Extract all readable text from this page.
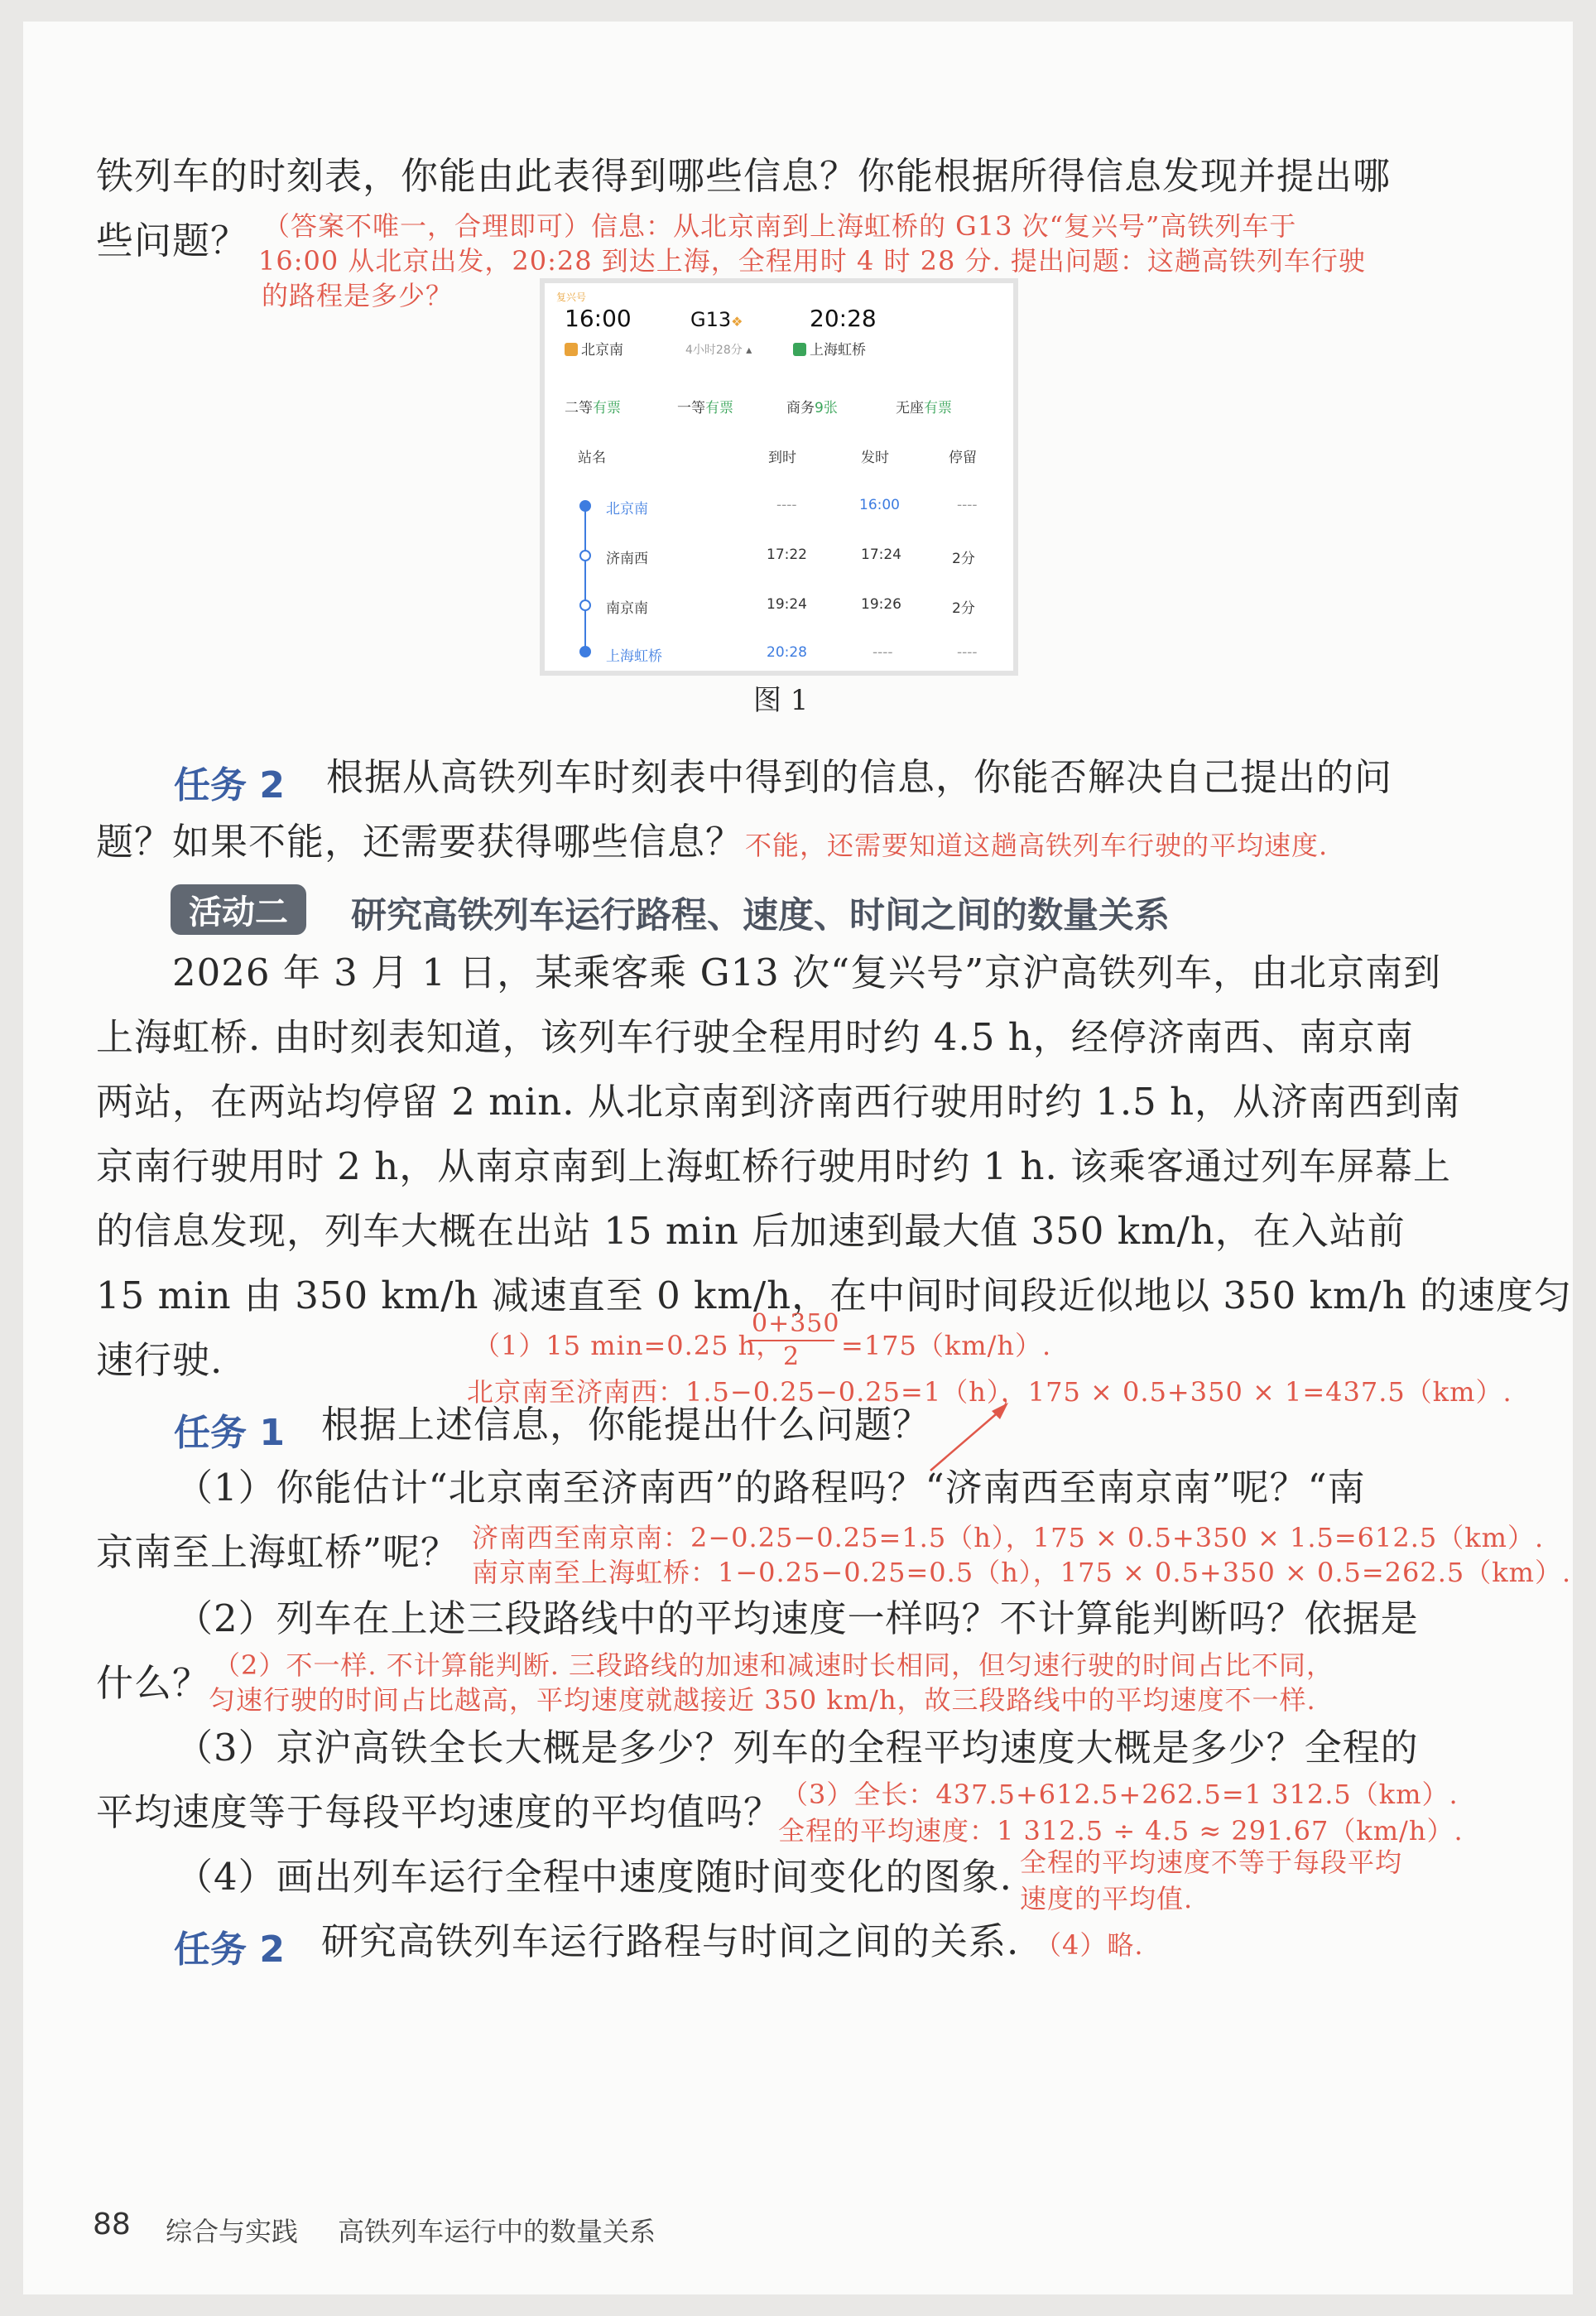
铁列车的时刻表，你能由此表得到哪些信息？你能根据所得信息发现并提出哪
些问题？ （答案不唯一，合理即可）信息：从北京南到上海虹桥的 G13 次“复兴号”高铁列车于
16:00 从北京出发，20:28 到达上海，全程用时 4 时 28 分. 提出问题：这趟高铁列车行驶
的路程是多少？	复兴号
16:00
北京南
G13❖
4小时28分 ▴
20:28
上海虹桥
二等有票	一等有票	商务9张	无座有票
站名	到时	发时	停留
北京南	----	16:00	----
济南西	17:22	17:24	2分
南京南	19:24	19:26	2分
上海虹桥	20:28	----	----
图 1
任务 2 根据从高铁列车时刻表中得到的信息，你能否解决自己提出的问
题？如果不能，还需要获得哪些信息？ 不能，还需要知道这趟高铁列车行驶的平均速度.
活动二	研究高铁列车运行路程、速度、时间之间的数量关系
2026 年 3 月 1 日，某乘客乘 G13 次“复兴号”京沪高铁列车，由北京南到
上海虹桥. 由时刻表知道，该列车行驶全程用时约 4.5 h，经停济南西、南京南
两站，在两站均停留 2 min. 从北京南到济南西行驶用时约 1.5 h，从济南西到南
京南行驶用时 2 h，从南京南到上海虹桥行驶用时约 1 h. 该乘客通过列车屏幕上
的信息发现，列车大概在出站 15 min 后加速到最大值 350 km/h，在入站前
15 min 由 350 km/h 减速直至 0 km/h，在中间时间段近似地以 350 km/h 的速度匀
速行驶.	（1）15 min=0.25 h，
$\frac{0+350}{2} =175(km/h)$.
北京南至济南西：1.5−0.25−0.25=1（h），175 × 0.5+350 × 1=437.5（km）.
任务 1 根据上述信息，你能提出什么问题？
（1）你能估计“北京南至济南西”的路程吗？“济南西至南京南”呢？“南
京南至上海虹桥”呢？ 济南西至南京南：2−0.25−0.25=1.5（h），175 × 0.5+350 × 1.5=612.5（km）.
南京南至上海虹桥：1−0.25−0.25=0.5（h），175 × 0.5+350 × 0.5=262.5（km）.
（2）列车在上述三段路线中的平均速度一样吗？不计算能判断吗？依据是
什么？ （2）不一样. 不计算能判断. 三段路线的加速和减速时长相同，但匀速行驶的时间占比不同，
匀速行驶的时间占比越高，平均速度就越接近 350 km/h，故三段路线中的平均速度不一样.
（3）京沪高铁全长大概是多少？列车的全程平均速度大概是多少？全程的
平均速度等于每段平均速度的平均值吗？ （3）全长：437.5+612.5+262.5=1 312.5（km）.
全程的平均速度：1 312.5 ÷ 4.5 ≈ 291.67（km/h）.
（4）画出列车运行全程中速度随时间变化的图象. 全程的平均速度不等于每段平均
速度的平均值.
任务 2 研究高铁列车运行路程与时间之间的关系. （4）略.
88 综合与实践 高铁列车运行中的数量关系
